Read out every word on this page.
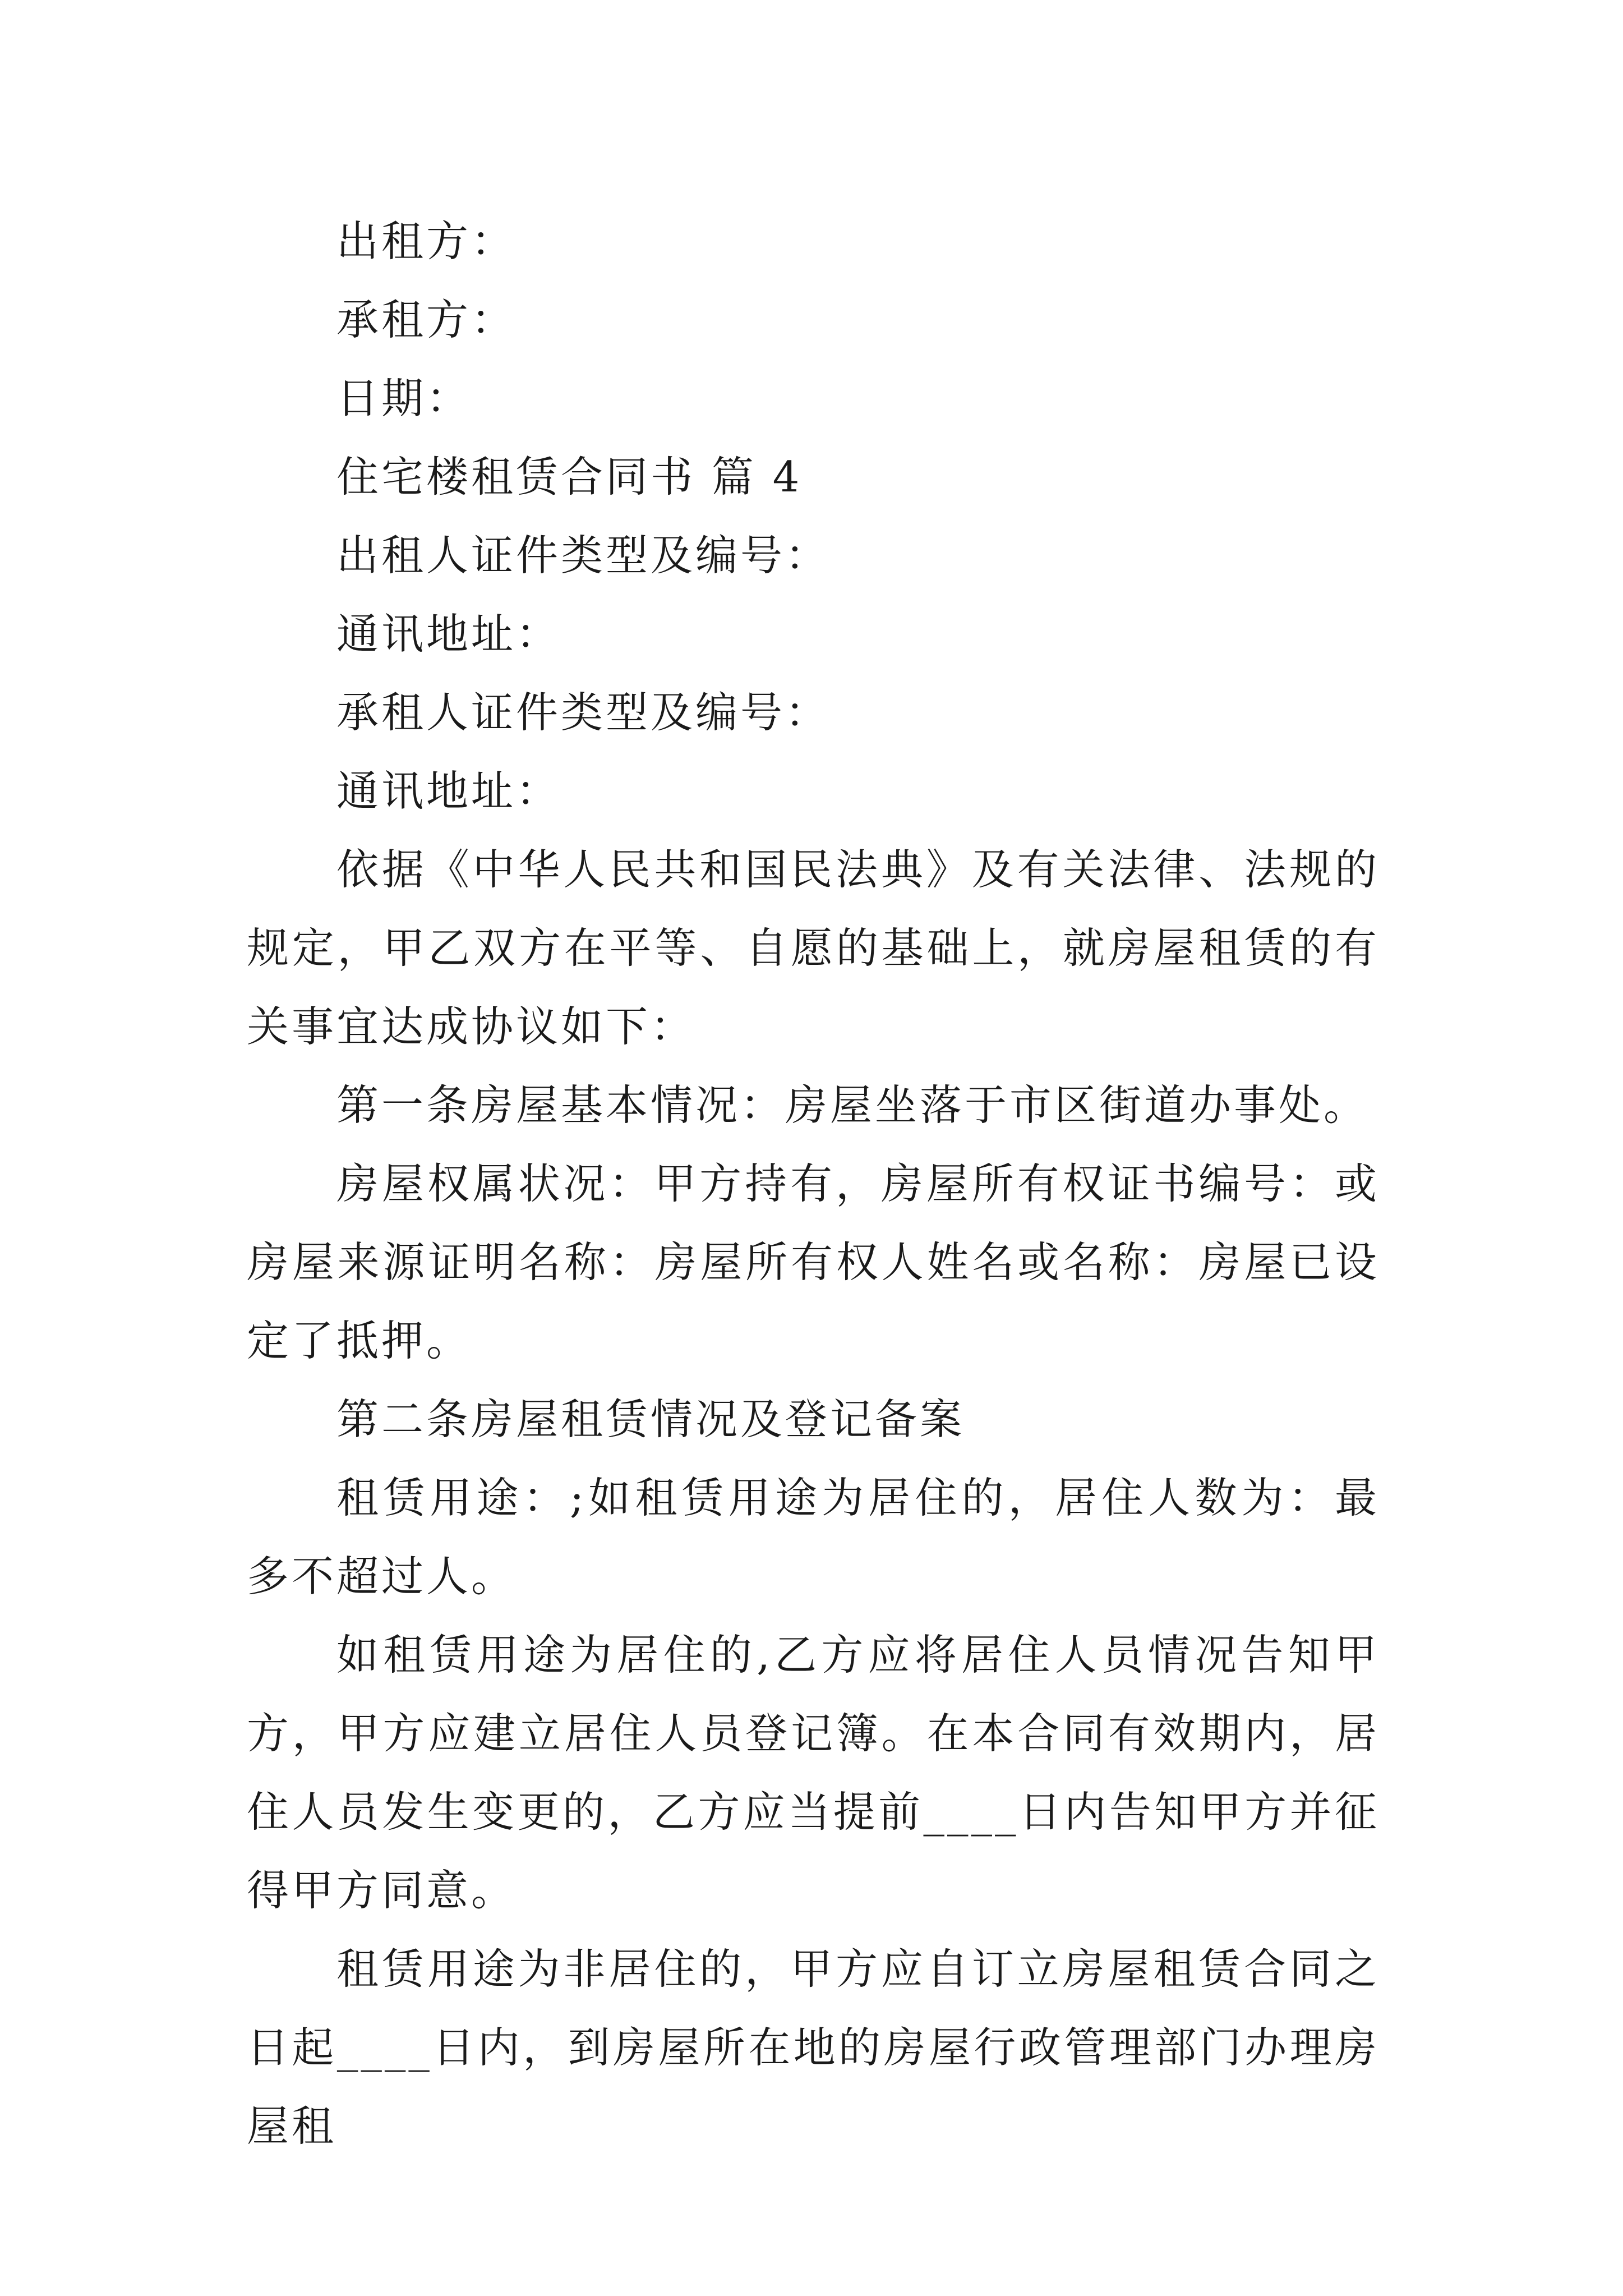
出租方：

承租方：

日期：

住宅楼租赁合同书 篇 4

出租人证件类型及编号：

通讯地址：

承租人证件类型及编号：

通讯地址：

依据《中华人民共和国民法典》及有关法律、法规的规定，甲乙双方在平等、自愿的基础上，就房屋租赁的有关事宜达成协议如下：

第一条房屋基本情况：房屋坐落于市区街道办事处。

房屋权属状况：甲方持有，房屋所有权证书编号：或房屋来源证明名称：房屋所有权人姓名或名称：房屋已设定了抵押。

第二条房屋租赁情况及登记备案

租赁用途：;如租赁用途为居住的，居住人数为：最多不超过人。

如租赁用途为居住的,乙方应将居住人员情况告知甲方，甲方应建立居住人员登记簿。在本合同有效期内，居住人员发生变更的，乙方应当提前____日内告知甲方并征得甲方同意。

租赁用途为非居住的，甲方应自订立房屋租赁合同之日起____日内，到房屋所在地的房屋行政管理部门办理房屋租
